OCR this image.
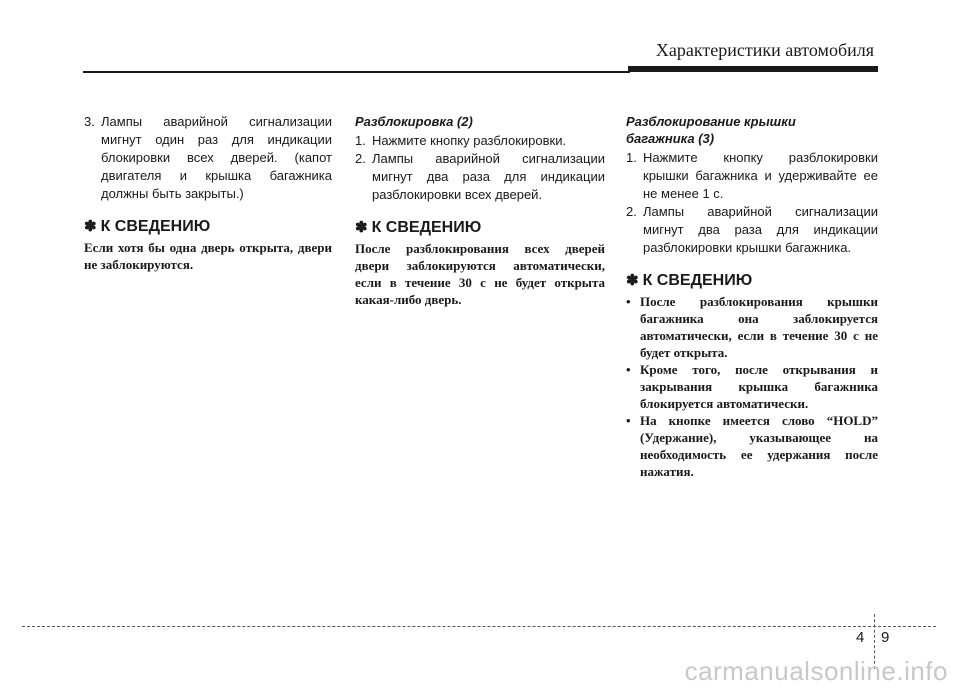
Характеристики автомобиля
3. Лампы аварийной сигнализации мигнут один раз для индикации блокировки всех дверей. (капот двигателя и крышка багажника должны быть закрыты.)
✽ К СВЕДЕНИЮ
Если хотя бы одна дверь открыта, двери не заблокируются.
Разблокировка (2)
1. Нажмите кнопку разблокировки.
2. Лампы аварийной сигнализации мигнут два раза для индикации разблокировки всех дверей.
✽ К СВЕДЕНИЮ
После разблокирования всех дверей двери заблокируются автоматически, если в течение 30 с не будет открыта какая-либо дверь.
Разблокирование крышки
багажника (3)
1. Нажмите кнопку разблокировки крышки багажника и удерживайте ее не менее 1 с.
2. Лампы аварийной сигнализации мигнут два раза для индикации разблокировки крышки багажника.
✽ К СВЕДЕНИЮ
• После разблокирования крышки багажника она заблокируется автоматически, если в течение 30 с не будет открыта.
• Кроме того, после открывания и закрывания крышка багажника блокируется автоматически.
• На кнопке имеется слово “HOLD” (Удержание), указывающее на необходимость ее удержания после нажатия.
4 9
carmanualsonline.info
